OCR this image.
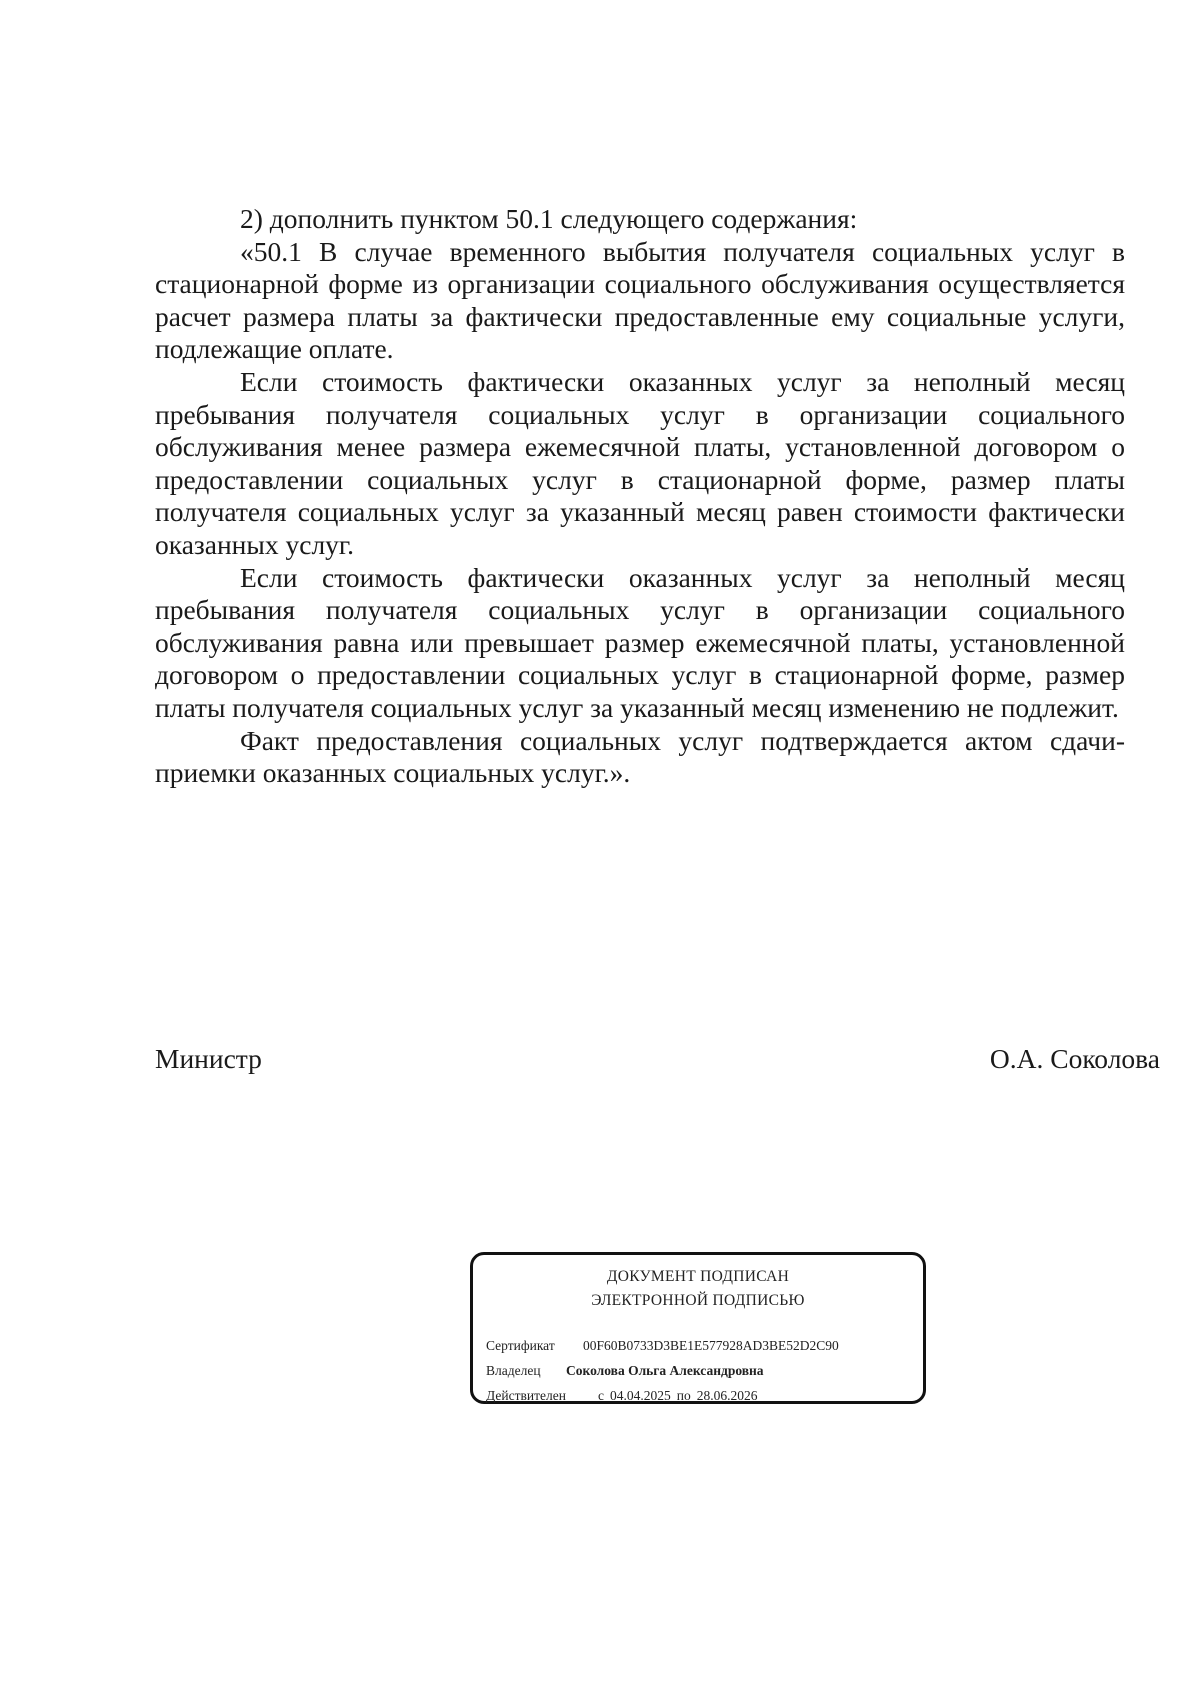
2) дополнить пунктом 50.1 следующего содержания:

«50.1 В случае временного выбытия получателя социальных услуг в стационарной форме из организации социального обслуживания осуществляется расчет размера платы за фактически предоставленные ему социальные услуги, подлежащие оплате.

Если стоимость фактически оказанных услуг за неполный месяц пребывания получателя социальных услуг в организации социального обслуживания менее размера ежемесячной платы, установленной договором о предоставлении социальных услуг в стационарной форме, размер платы получателя социальных услуг за указанный месяц равен стоимости фактически оказанных услуг.

Если стоимость фактически оказанных услуг за неполный месяц пребывания получателя социальных услуг в организации социального обслуживания равна или превышает размер ежемесячной платы, установленной договором о предоставлении социальных услуг в стационарной форме, размер платы получателя социальных услуг за указанный месяц изменению не подлежит.

Факт предоставления социальных услуг подтверждается актом сдачи-приемки оказанных социальных услуг.».

Министр	О.А. Соколова
ДОКУМЕНТ ПОДПИСАН
ЭЛЕКТРОННОЙ ПОДПИСЬЮ
Сертификат 00F60B0733D3BE1E577928AD3BE52D2C90
Владелец Соколова Ольга Александровна
Действителен с 04.04.2025 по 28.06.2026
